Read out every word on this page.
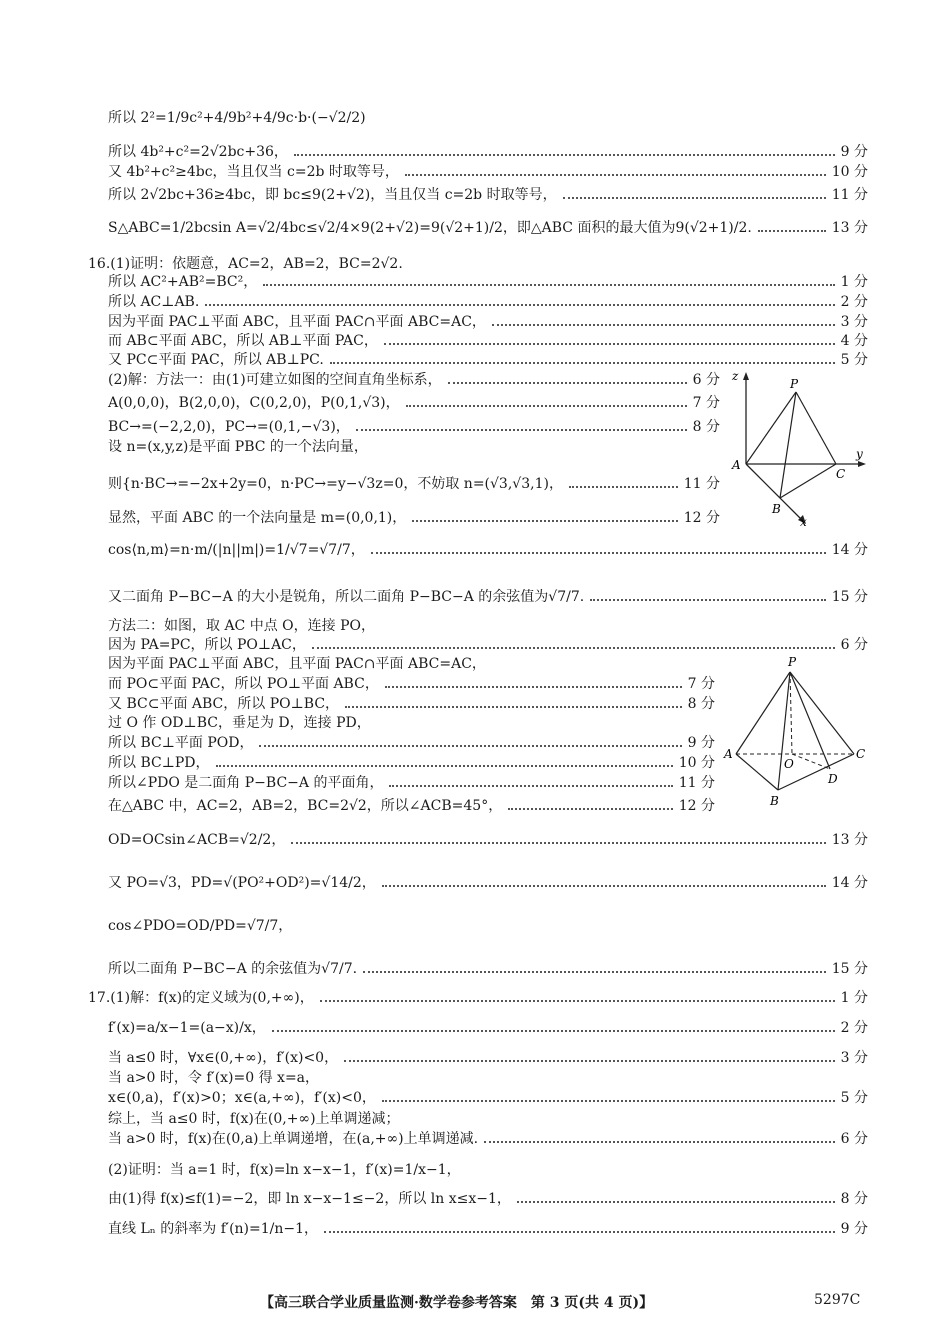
所以 2²=1/9c²+4/9b²+4/9c·b·(−√2/2)
所以 4b²+c²=2√2bc+36，	9 分
又 4b²+c²≥4bc，当且仅当 c=2b 时取等号，	10 分
所以 2√2bc+36≥4bc，即 bc≤9(2+√2)，当且仅当 c=2b 时取等号，	11 分
S△ABC=1/2bcsin A=√2/4bc≤√2/4×9(2+√2)=9(√2+1)/2，即△ABC 面积的最大值为9(√2+1)/2.	13 分
16.(1)证明：依题意，AC=2，AB=2，BC=2√2.
所以 AC²+AB²=BC²，	1 分
所以 AC⊥AB.	2 分
因为平面 PAC⊥平面 ABC，且平面 PAC∩平面 ABC=AC，	3 分
而 AB⊂平面 ABC，所以 AB⊥平面 PAC，	4 分
又 PC⊂平面 PAC，所以 AB⊥PC.	5 分
(2)解：方法一：由(1)可建立如图的空间直角坐标系，	6 分
A(0,0,0)，B(2,0,0)，C(0,2,0)，P(0,1,√3)，	7 分
BC→=(−2,2,0)，PC→=(0,1,−√3)，	8 分
设 n=(x,y,z)是平面 PBC 的一个法向量，
则{n·BC→=−2x+2y=0，n·PC→=y−√3z=0，不妨取 n=(√3,√3,1)，	11 分
显然，平面 ABC 的一个法向量是 m=(0,0,1)，	12 分
cos⟨n,m⟩=n·m/(|n||m|)=1/√7=√7/7，	14 分
又二面角 P−BC−A 的大小是锐角，所以二面角 P−BC−A 的余弦值为√7/7.	15 分
方法二：如图，取 AC 中点 O，连接 PO，
因为 PA=PC，所以 PO⊥AC，	6 分
因为平面 PAC⊥平面 ABC，且平面 PAC∩平面 ABC=AC，
而 PO⊂平面 PAC，所以 PO⊥平面 ABC，	7 分
又 BC⊂平面 ABC，所以 PO⊥BC，	8 分
过 O 作 OD⊥BC，垂足为 D，连接 PD，
所以 BC⊥平面 POD，	9 分
所以 BC⊥PD，	10 分
所以∠PDO 是二面角 P−BC−A 的平面角，	11 分
在△ABC 中，AC=2，AB=2，BC=2√2，所以∠ACB=45°，	12 分
OD=OCsin∠ACB=√2/2，	13 分
又 PO=√3，PD=√(PO²+OD²)=√14/2，	14 分
cos∠PDO=OD/PD=√7/7，
所以二面角 P−BC−A 的余弦值为√7/7.	15 分
17.(1)解：f(x)的定义域为(0,+∞)，	1 分
f′(x)=a/x−1=(a−x)/x，	2 分
当 a≤0 时，∀x∈(0,+∞)，f′(x)<0，	3 分
当 a>0 时，令 f′(x)=0 得 x=a，
x∈(0,a)，f′(x)>0；x∈(a,+∞)，f′(x)<0，	5 分
综上，当 a≤0 时，f(x)在(0,+∞)上单调递减；
当 a>0 时，f(x)在(0,a)上单调递增，在(a,+∞)上单调递减.	6 分
(2)证明：当 a=1 时，f(x)=ln x−x−1，f′(x)=1/x−1，
由(1)得 f(x)≤f(1)=−2，即 ln x−x−1≤−2，所以 ln x≤x−1，	8 分
直线 Lₙ 的斜率为 f′(n)=1/n−1，	9 分
z
P
y
A
C
B
x
P
A
O
C
D
B
【高三联合学业质量监测·数学卷参考答案　第 3 页(共 4 页)】	5297C
